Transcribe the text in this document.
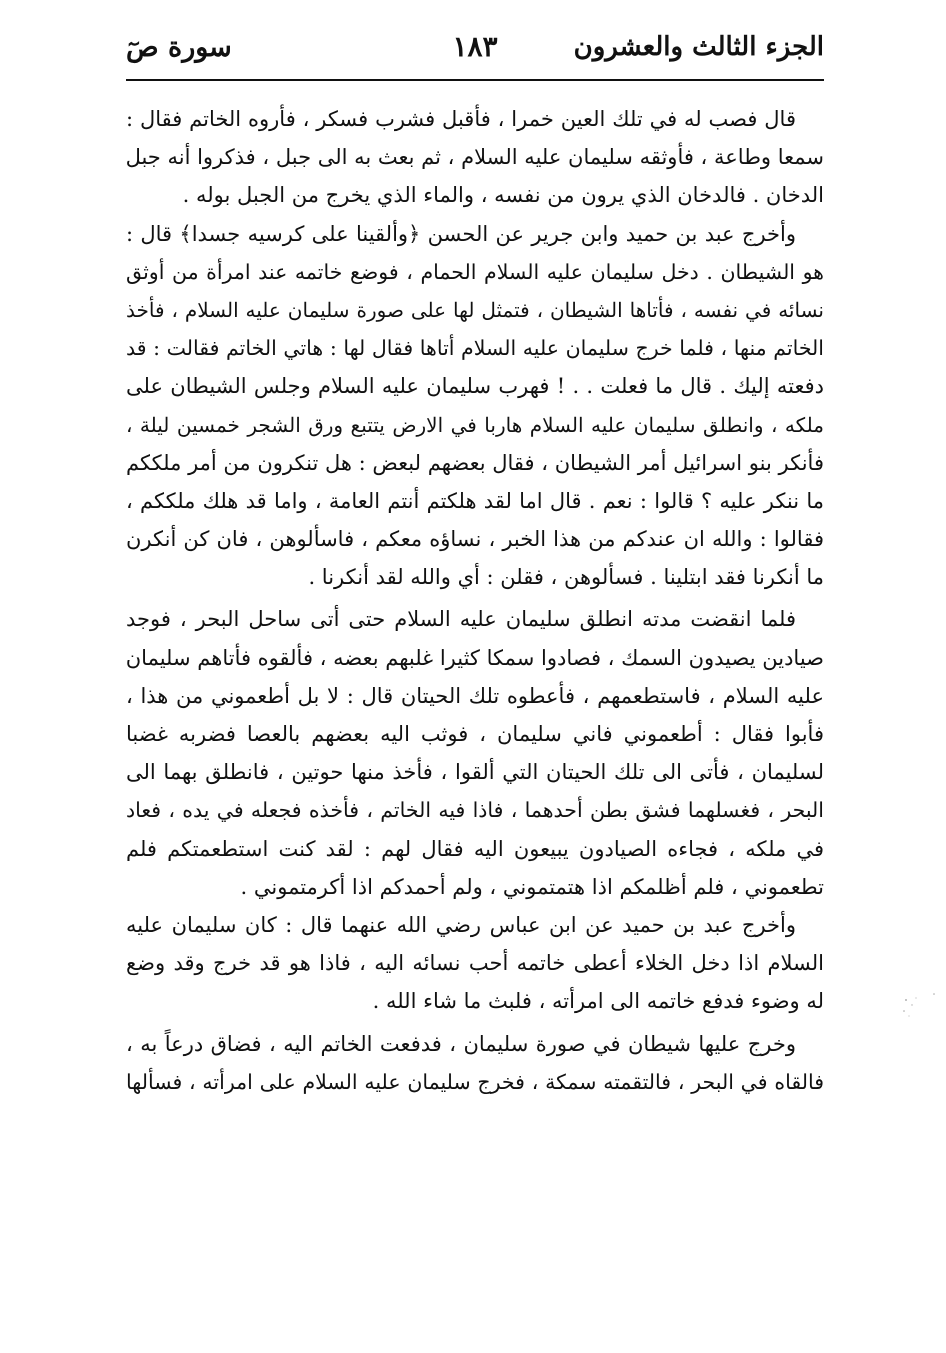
الجزء الثالث والعشرون
١٨٣
سورة صٓ
قال فصب له في تلك العين خمرا ، فأقبل فشرب فسكر ، فأروه الخاتم فقال :
سمعا وطاعة ، فأوثقه سليمان عليه السلام ، ثم بعث به الى جبل ، فذكروا أنه جبل
الدخان . فالدخان الذي يرون من نفسه ، والماء الذي يخرج من الجبل بوله .
وأخرج عبد بن حميد وابن جرير عن الحسن ﴿وألقينا على كرسيه جسدا﴾ قال :
هو الشيطان . دخل سليمان عليه السلام الحمام ، فوضع خاتمه عند امرأة من أوثق
نسائه في نفسه ، فأتاها الشيطان ، فتمثل لها على صورة سليمان عليه السلام ، فأخذ
الخاتم منها ، فلما خرج سليمان عليه السلام أتاها فقال لها : هاتي الخاتم فقالت : قد
دفعته إليك . قال ما فعلت . . ! فهرب سليمان عليه السلام وجلس الشيطان على
ملكه ، وانطلق سليمان عليه السلام هاربا في الارض يتتبع ورق الشجر خمسين ليلة ،
فأنكر بنو اسرائيل أمر الشيطان ، فقال بعضهم لبعض : هل تنكرون من أمر ملككم
ما ننكر عليه ؟ قالوا : نعم . قال اما لقد هلكتم أنتم العامة ، واما قد هلك ملككم ،
فقالوا : والله ان عندكم من هذا الخبر ، نساؤه معكم ، فاسألوهن ، فان كن أنكرن
ما أنكرنا فقد ابتلينا . فسألوهن ، فقلن : أي والله لقد أنكرنا .
فلما انقضت مدته انطلق سليمان عليه السلام حتى أتى ساحل البحر ، فوجد
صيادين يصيدون السمك ، فصادوا سمكا كثيرا غلبهم بعضه ، فألقوه فأتاهم سليمان
عليه السلام ، فاستطعمهم ، فأعطوه تلك الحيتان قال : لا بل أطعموني من هذا ،
فأبوا فقال : أطعموني فاني سليمان ، فوثب اليه بعضهم بالعصا فضربه غضبا
لسليمان ، فأتى الى تلك الحيتان التي ألقوا ، فأخذ منها حوتين ، فانطلق بهما الى
البحر ، فغسلهما فشق بطن أحدهما ، فاذا فيه الخاتم ، فأخذه فجعله في يده ، فعاد
في ملكه ، فجاءه الصيادون يبيعون اليه فقال لهم : لقد كنت استطعمتكم فلم
تطعموني ، فلم أظلمكم اذا هتمتموني ، ولم أحمدكم اذا أكرمتموني .
وأخرج عبد بن حميد عن ابن عباس رضي الله عنهما قال : كان سليمان عليه
السلام اذا دخل الخلاء أعطى خاتمه أحب نسائه اليه ، فاذا هو قد خرج وقد وضع
له وضوء فدفع خاتمه الى امرأته ، فلبث ما شاء الله .
وخرج عليها شيطان في صورة سليمان ، فدفعت الخاتم اليه ، فضاق درعاً به ،
فالقاه في البحر ، فالتقمته سمكة ، فخرج سليمان عليه السلام على امرأته ، فسألها
